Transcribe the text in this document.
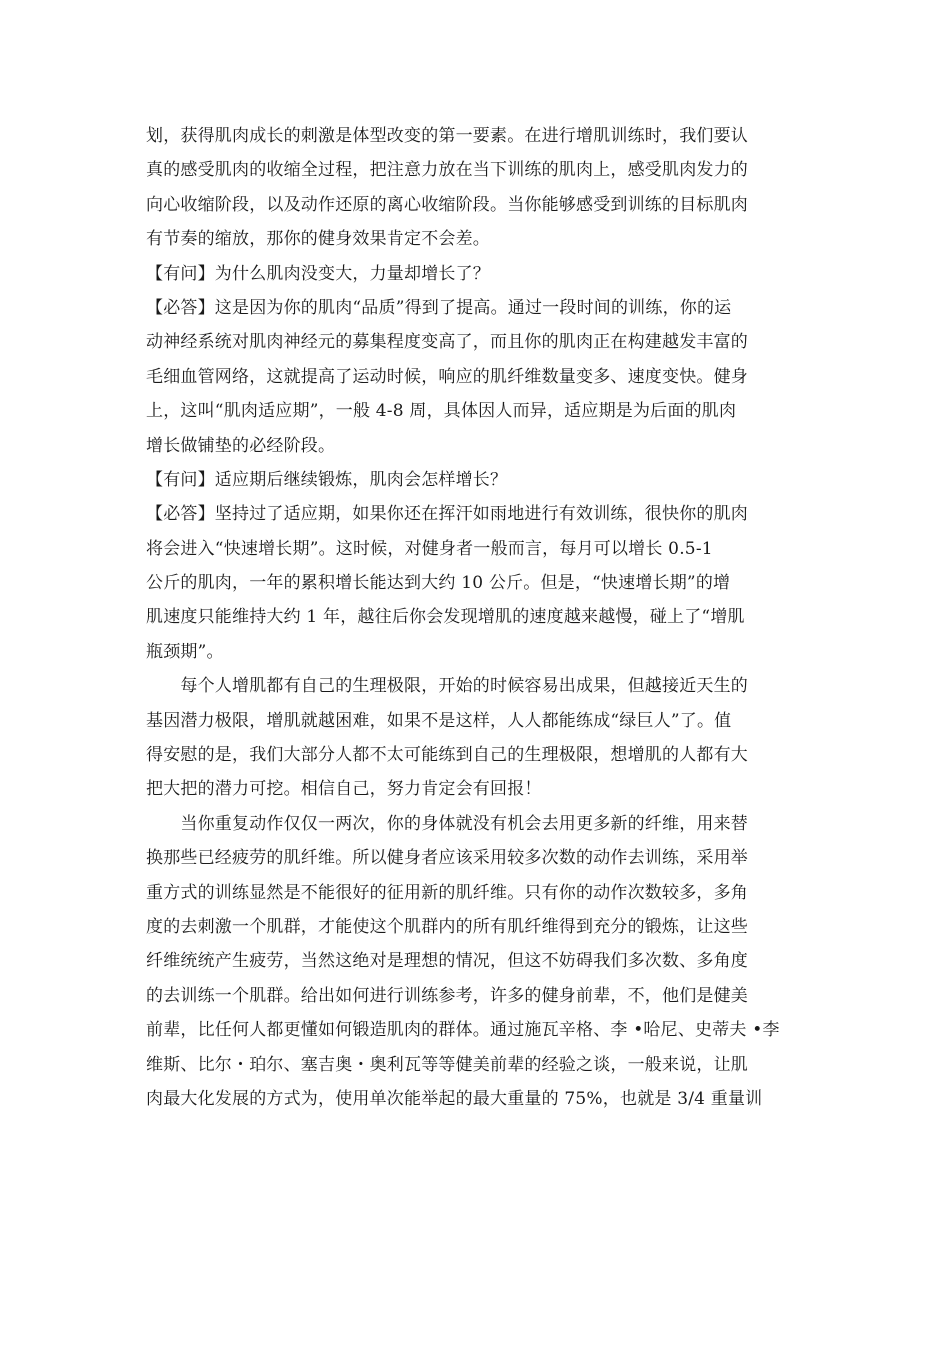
划，获得肌肉成长的刺激是体型改变的第一要素。在进行增肌训练时，我们要认
真的感受肌肉的收缩全过程，把注意力放在当下训练的肌肉上，感受肌肉发力的
向心收缩阶段，以及动作还原的离心收缩阶段。当你能够感受到训练的目标肌肉
有节奏的缩放，那你的健身效果肯定不会差。
【有问】为什么肌肉没变大，力量却增长了？
【必答】这是因为你的肌肉“品质”得到了提高。通过一段时间的训练，你的运
动神经系统对肌肉神经元的募集程度变高了，而且你的肌肉正在构建越发丰富的
毛细血管网络，这就提高了运动时候，响应的肌纤维数量变多、速度变快。健身
上，这叫“肌肉适应期”，一般 4-8 周，具体因人而异，适应期是为后面的肌肉
增长做铺垫的必经阶段。
【有问】适应期后继续锻炼，肌肉会怎样增长？
【必答】坚持过了适应期，如果你还在挥汗如雨地进行有效训练，很快你的肌肉
将会进入“快速增长期”。这时候，对健身者一般而言，每月可以增长 0.5-1
公斤的肌肉，一年的累积增长能达到大约 10 公斤。但是，“快速增长期”的增
肌速度只能维持大约 1 年，越往后你会发现增肌的速度越来越慢，碰上了“增肌
瓶颈期”。
　　每个人增肌都有自己的生理极限，开始的时候容易出成果，但越接近天生的
基因潜力极限，增肌就越困难，如果不是这样，人人都能练成“绿巨人”了。值
得安慰的是，我们大部分人都不太可能练到自己的生理极限，想增肌的人都有大
把大把的潜力可挖。相信自己，努力肯定会有回报！
　　当你重复动作仅仅一两次，你的身体就没有机会去用更多新的纤维，用来替
换那些已经疲劳的肌纤维。所以健身者应该采用较多次数的动作去训练，采用举
重方式的训练显然是不能很好的征用新的肌纤维。只有你的动作次数较多，多角
度的去刺激一个肌群，才能使这个肌群内的所有肌纤维得到充分的锻炼，让这些
纤维统统产生疲劳，当然这绝对是理想的情况，但这不妨碍我们多次数、多角度
的去训练一个肌群。给出如何进行训练参考，许多的健身前辈，不，他们是健美
前辈，比任何人都更懂如何锻造肌肉的群体。通过施瓦辛格、李 •哈尼、史蒂夫 •李
维斯、比尔・珀尔、塞吉奥・奥利瓦等等健美前辈的经验之谈，一般来说，让肌
肉最大化发展的方式为，使用单次能举起的最大重量的 75%，也就是 3/4 重量训
